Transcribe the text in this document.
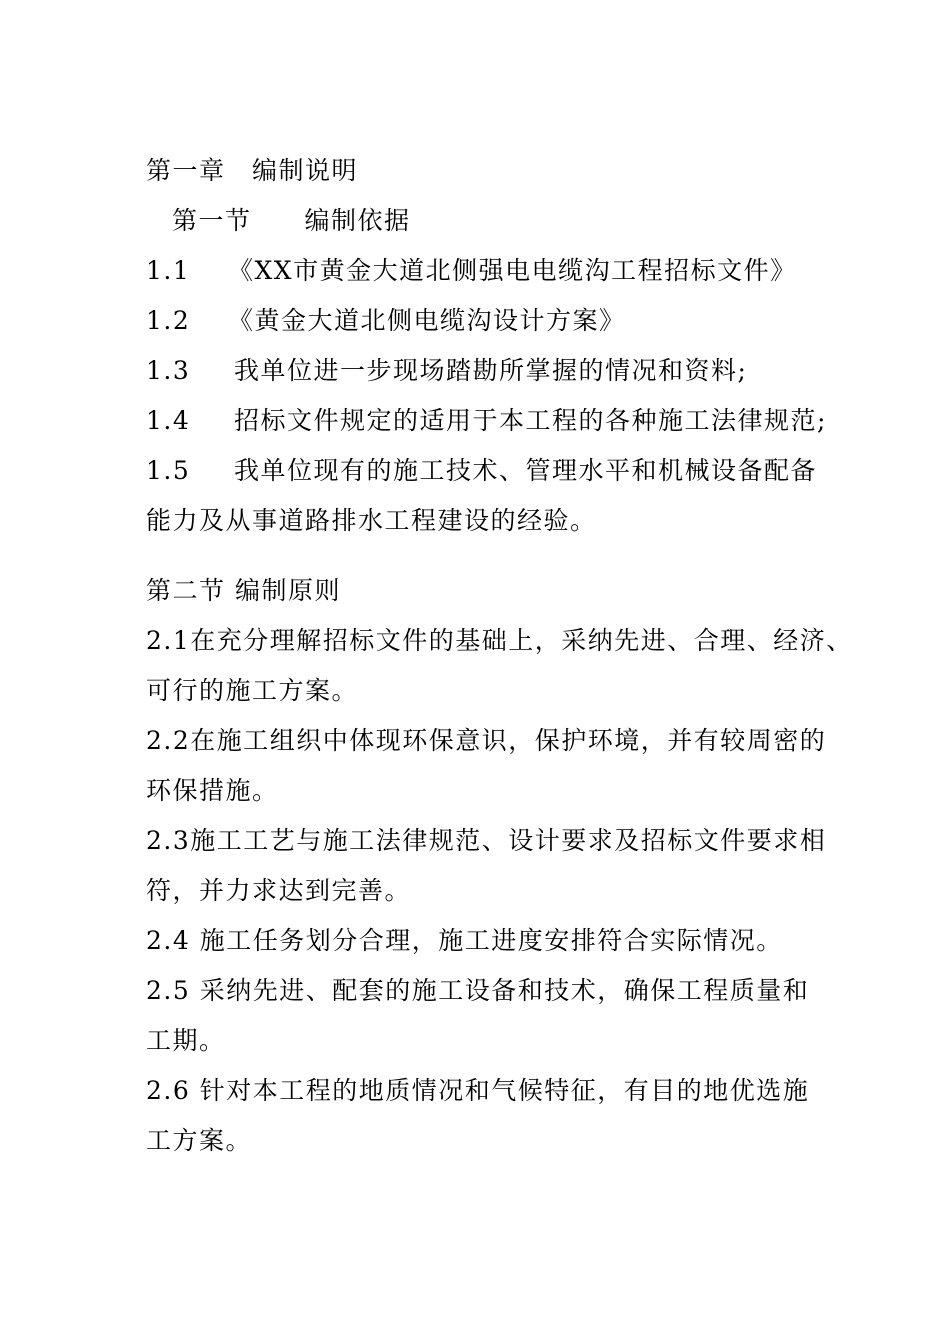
第一章　编制说明
第一节　　编制依据
1.1 《XX市黄金大道北侧强电电缆沟工程招标文件》
1.2 《黄金大道北侧电缆沟设计方案》
1.3 我单位进一步现场踏勘所掌握的情况和资料;
1.4 招标文件规定的适用于本工程的各种施工法律规范;
1.5 我单位现有的施工技术、管理水平和机械设备配备
能力及从事道路排水工程建设的经验。
第二节 编制原则
2.1在充分理解招标文件的基础上，采纳先进、合理、经济、
可行的施工方案。
2.2在施工组织中体现环保意识，保护环境，并有较周密的
环保措施。
2.3施工工艺与施工法律规范、设计要求及招标文件要求相
符，并力求达到完善。
2.4 施工任务划分合理，施工进度安排符合实际情况。
2.5 采纳先进、配套的施工设备和技术，确保工程质量和
工期。
2.6 针对本工程的地质情况和气候特征，有目的地优选施
工方案。
